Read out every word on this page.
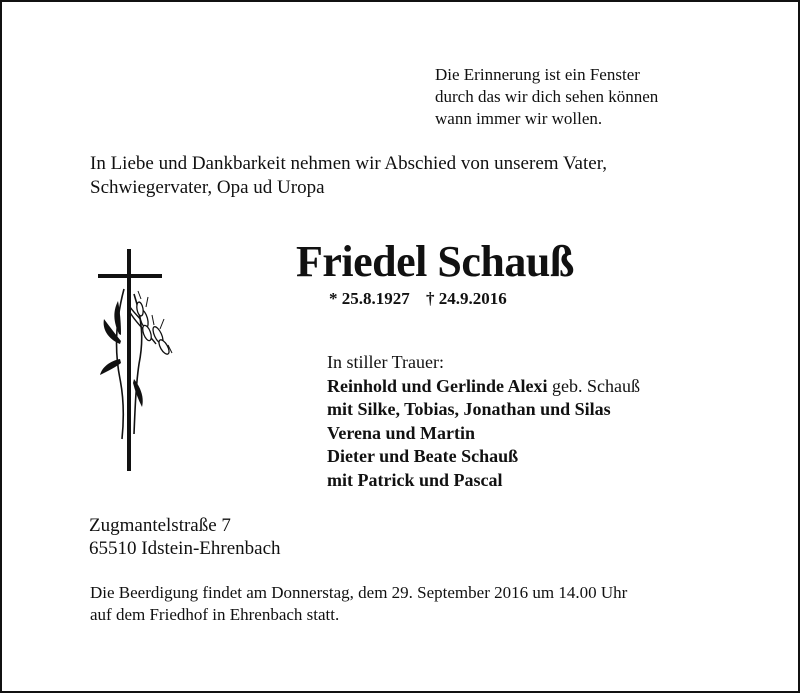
Die Erinnerung ist ein Fenster
durch das wir dich sehen können
wann immer wir wollen.
In Liebe und Dankbarkeit nehmen wir Abschied von unserem Vater,
Schwiegervater, Opa ud Uropa
Friedel Schauß
* 25.8.1927 † 24.9.2016
In stiller Trauer:
Reinhold und Gerlinde Alexi geb. Schauß
mit Silke, Tobias, Jonathan und Silas
Verena und Martin
Dieter und Beate Schauß
mit Patrick und Pascal
Zugmantelstraße 7
65510 Idstein-Ehrenbach
Die Beerdigung findet am Donnerstag, dem 29. September 2016 um 14.00 Uhr
auf dem Friedhof in Ehrenbach statt.
